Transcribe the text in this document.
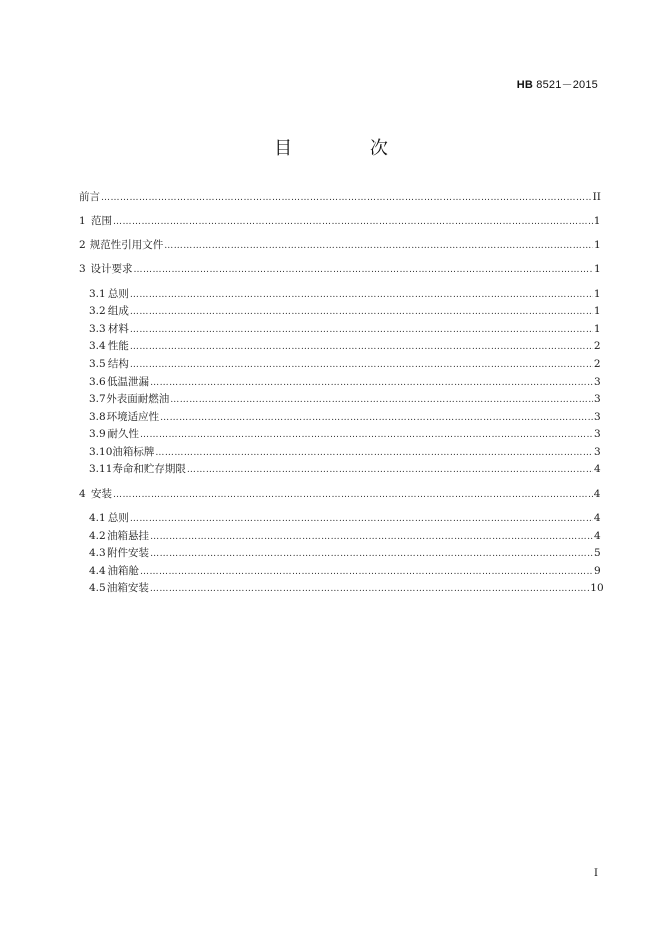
HB 8521－2015
目 次
前言 ……………………………………………………………………………………………………………………………………………………………………………………………………………………	II
1 范围 ……………………………………………………………………………………………………………………………………………………………………………………………………………………	1
2 规范性引用文件 ……………………………………………………………………………………………………………………………………………………………………………………………………………………	1
3 设计要求 ……………………………………………………………………………………………………………………………………………………………………………………………………………………	1
3.1 总则 ……………………………………………………………………………………………………………………………………………………………………………………………………………………	1
3.2 组成 ……………………………………………………………………………………………………………………………………………………………………………………………………………………	1
3.3 材料 ……………………………………………………………………………………………………………………………………………………………………………………………………………………	1
3.4 性能 ……………………………………………………………………………………………………………………………………………………………………………………………………………………	2
3.5 结构 ……………………………………………………………………………………………………………………………………………………………………………………………………………………	2
3.6 低温泄漏 ……………………………………………………………………………………………………………………………………………………………………………………………………………………	3
3.7 外表面耐燃油 ……………………………………………………………………………………………………………………………………………………………………………………………………………………	3
3.8 环境适应性 ……………………………………………………………………………………………………………………………………………………………………………………………………………………	3
3.9 耐久性 ……………………………………………………………………………………………………………………………………………………………………………………………………………………	3
3.10 油箱标牌 ……………………………………………………………………………………………………………………………………………………………………………………………………………………	3
3.11 寿命和贮存期限 ……………………………………………………………………………………………………………………………………………………………………………………………………………………	4
4 安装 ……………………………………………………………………………………………………………………………………………………………………………………………………………………	4
4.1 总则 ……………………………………………………………………………………………………………………………………………………………………………………………………………………	4
4.2 油箱悬挂 ……………………………………………………………………………………………………………………………………………………………………………………………………………………	4
4.3 附件安装 ……………………………………………………………………………………………………………………………………………………………………………………………………………………	5
4.4 油箱舱 ……………………………………………………………………………………………………………………………………………………………………………………………………………………	9
4.5 油箱安装 ……………………………………………………………………………………………………………………………………………………………………………………………………………………	10
I
